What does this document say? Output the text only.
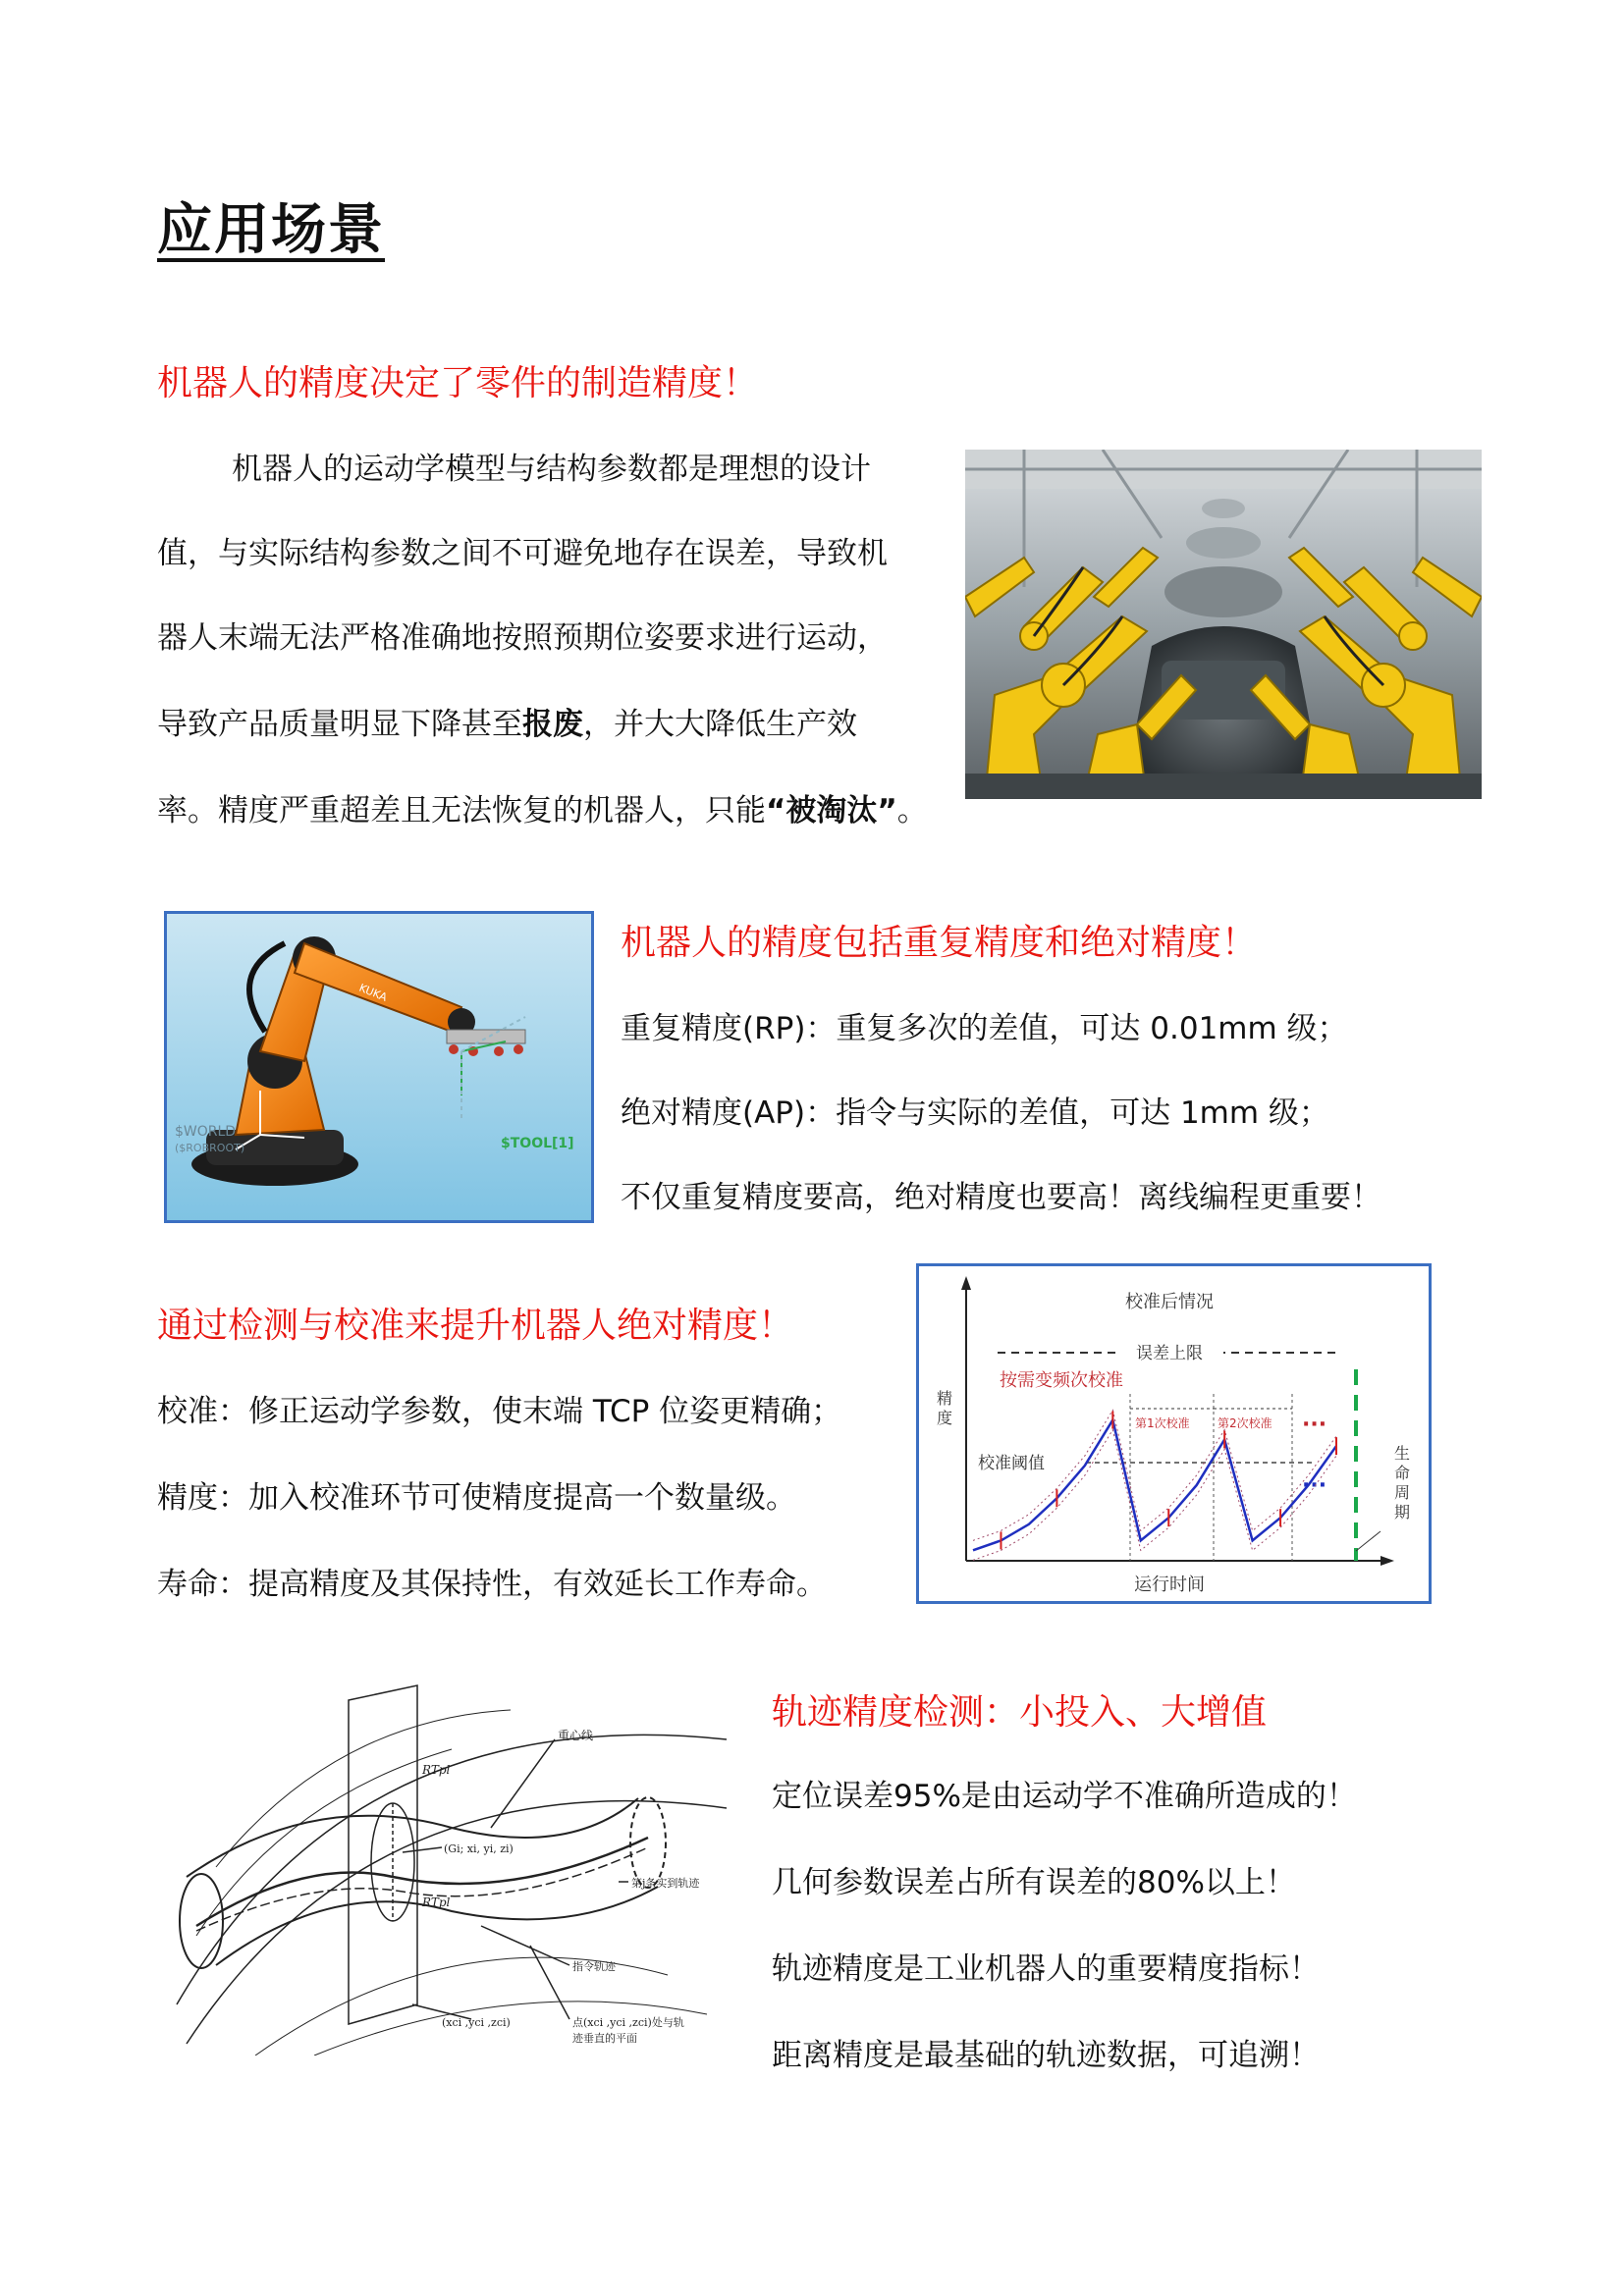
应用场景
机器人的精度决定了零件的制造精度！
机器人的运动学模型与结构参数都是理想的设计
值，与实际结构参数之间不可避免地存在误差，导致机
器人末端无法严格准确地按照预期位姿要求进行运动，
导致产品质量明显下降甚至报废，并大大降低生产效
率。精度严重超差且无法恢复的机器人，只能“被淘汰”。
KUKA
$WORLD
($ROBROOT)	$TOOL[1]
机器人的精度包括重复精度和绝对精度！
重复精度(RP)：重复多次的差值，可达 0.01mm 级；
绝对精度(AP)：指令与实际的差值，可达 1mm 级；
不仅重复精度要高，绝对精度也要高！离线编程更重要！
通过检测与校准来提升机器人绝对精度！
校准：修正运动学参数，使末端 TCP 位姿更精确；
精度：加入校准环节可使精度提高一个数量级。
寿命：提高精度及其保持性，有效延长工作寿命。
校准后情况
误差上限
按需变频次校准
第1次校准 第2次校准 ···
校准阈值
···
精 度
生 命 周 期
运行时间
轨迹精度检测：小投入、大增值
定位误差95%是由运动学不准确所造成的！
几何参数误差占所有误差的80%以上！
轨迹精度是工业机器人的重要精度指标！
距离精度是最基础的轨迹数据，可追溯！
重心线
RTpl
RTpl
(Gi; xi, yi, zi)
第j条实到轨迹
指令轨迹
(xci ,yci ,zci)	点(xci ,yci ,zci)处与轨
迹垂直的平面
